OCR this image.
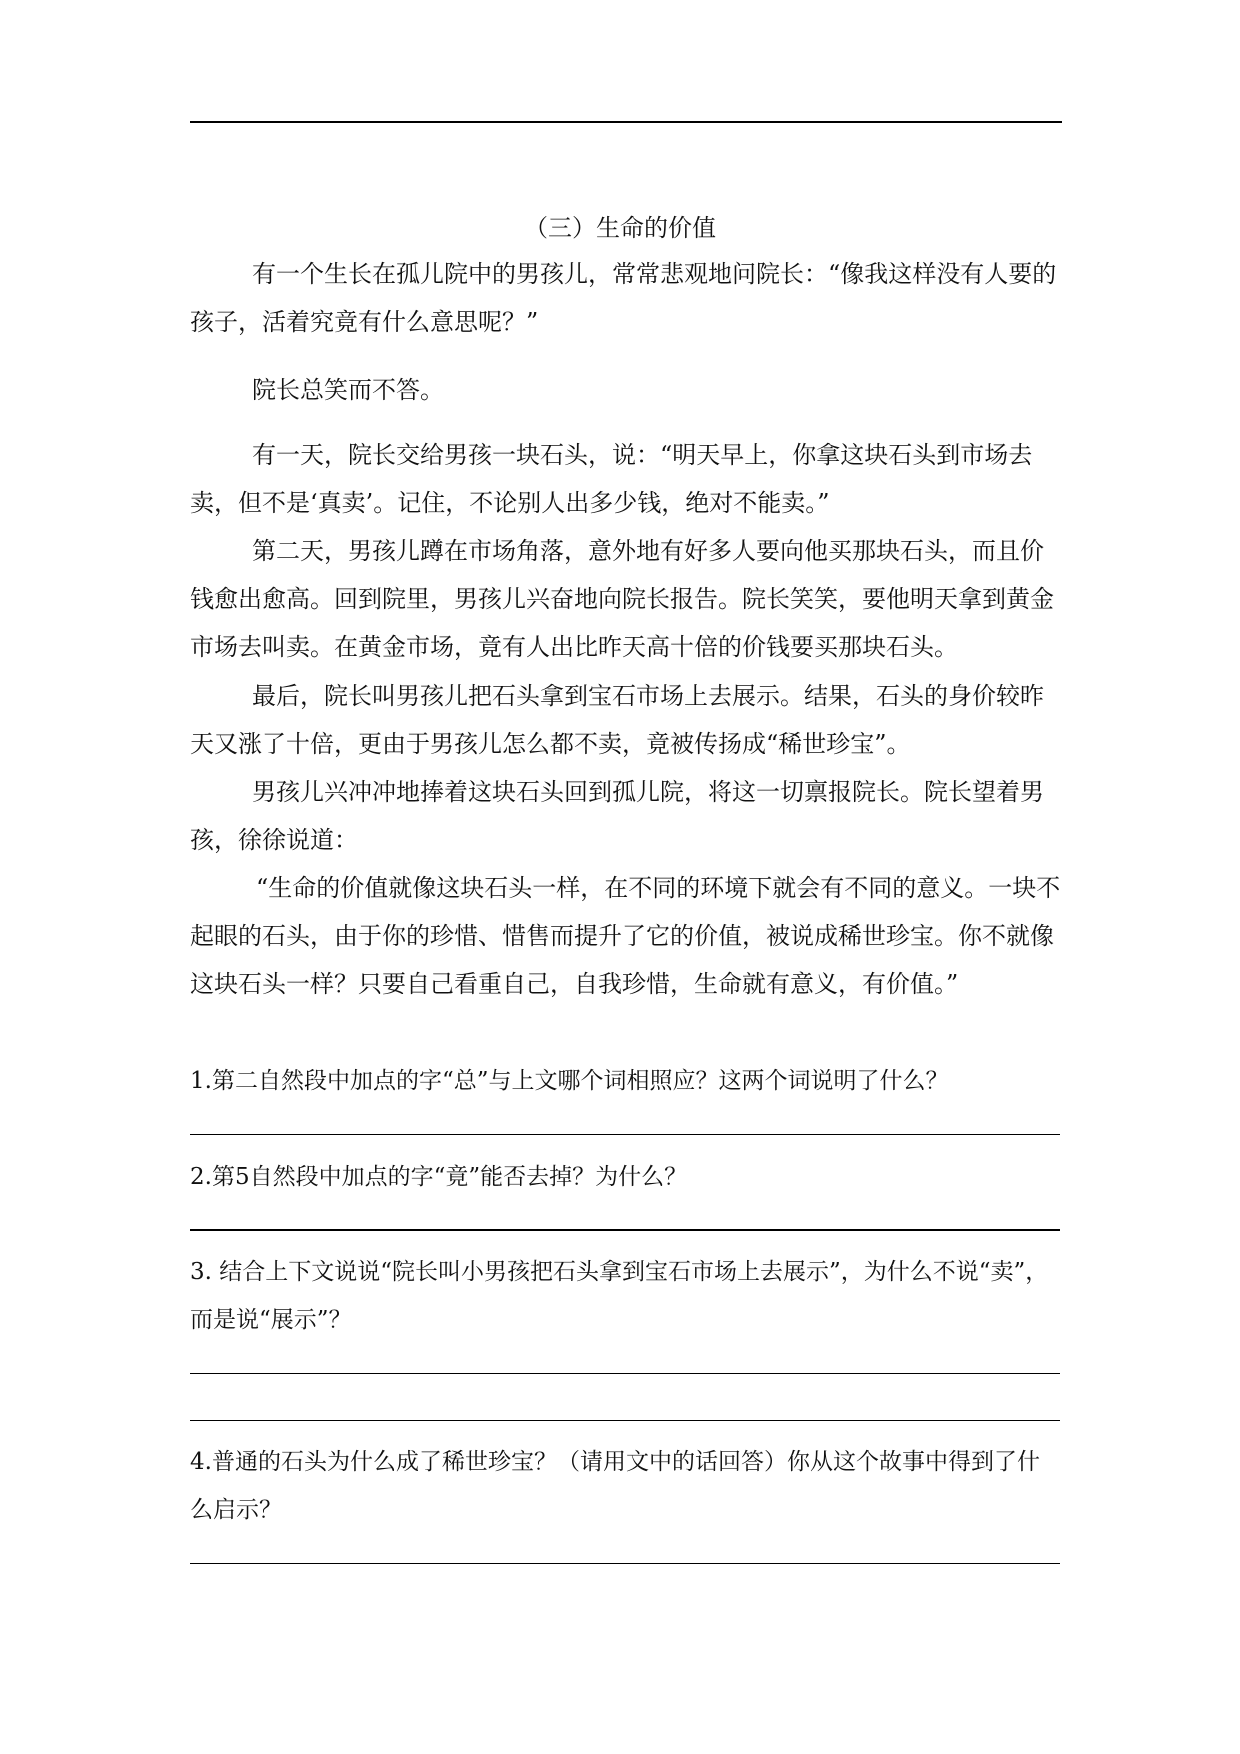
（三）生命的价值

有一个生长在孤儿院中的男孩儿，常常悲观地问院长：“像我这样没有人要的孩子，活着究竟有什么意思呢？”

院长总笑而不答。

有一天，院长交给男孩一块石头，说：“明天早上，你拿这块石头到市场去卖，但不是‘真卖’。记住，不论别人出多少钱，绝对不能卖。”

第二天，男孩儿蹲在市场角落，意外地有好多人要向他买那块石头，而且价钱愈出愈高。回到院里，男孩儿兴奋地向院长报告。院长笑笑，要他明天拿到黄金市场去叫卖。在黄金市场，竟有人出比昨天高十倍的价钱要买那块石头。

最后，院长叫男孩儿把石头拿到宝石市场上去展示。结果，石头的身价较昨天又涨了十倍，更由于男孩儿怎么都不卖，竟被传扬成“稀世珍宝”。

男孩儿兴冲冲地捧着这块石头回到孤儿院，将这一切禀报院长。院长望着男孩，徐徐说道：

“生命的价值就像这块石头一样，在不同的环境下就会有不同的意义。一块不起眼的石头，由于你的珍惜、惜售而提升了它的价值，被说成稀世珍宝。你不就像这块石头一样？只要自己看重自己，自我珍惜，生命就有意义，有价值。”

1.第二自然段中加点的字“总”与上文哪个词相照应？这两个词说明了什么？

2.第5自然段中加点的字“竟”能否去掉？为什么？

3. 结合上下文说说“院长叫小男孩把石头拿到宝石市场上去展示”，为什么不说“卖”，而是说“展示”？

4.普通的石头为什么成了稀世珍宝？（请用文中的话回答）你从这个故事中得到了什么启示？
